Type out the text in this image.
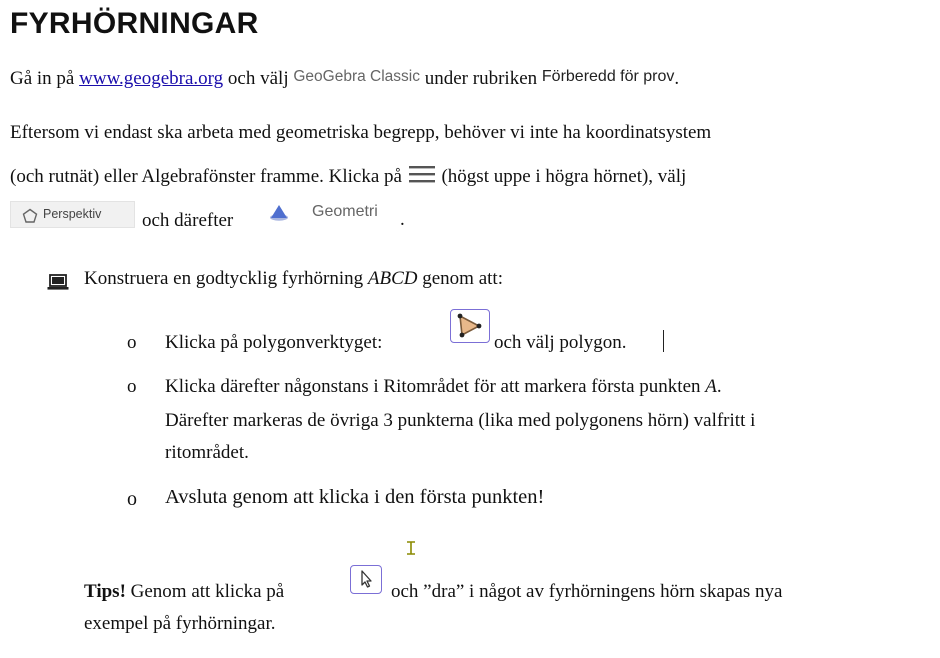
FYRHÖRNINGAR
Gå in på www.geogebra.org och välj GeoGebra Classic under rubriken Förberedd för prov.
Eftersom vi endast ska arbeta med geometriska begrepp, behöver vi inte ha koordinatsystem
(och rutnät) eller Algebrafönster framme. Klicka på (högst uppe i högra hörnet), välj
Perspektiv och därefter	Geometri .
Konstruera en godtycklig fyrhörning ABCD genom att:
o Klicka på polygonverktyget:	och välj polygon.
o Klicka därefter någonstans i Ritområdet för att markera första punkten A.
Därefter markeras de övriga 3 punkterna (lika med polygonens hörn) valfritt i
ritområdet.
o Avsluta genom att klicka i den första punkten!
Tips! Genom att klicka på	och ”dra” i något av fyrhörningens hörn skapas nya
exempel på fyrhörningar.
